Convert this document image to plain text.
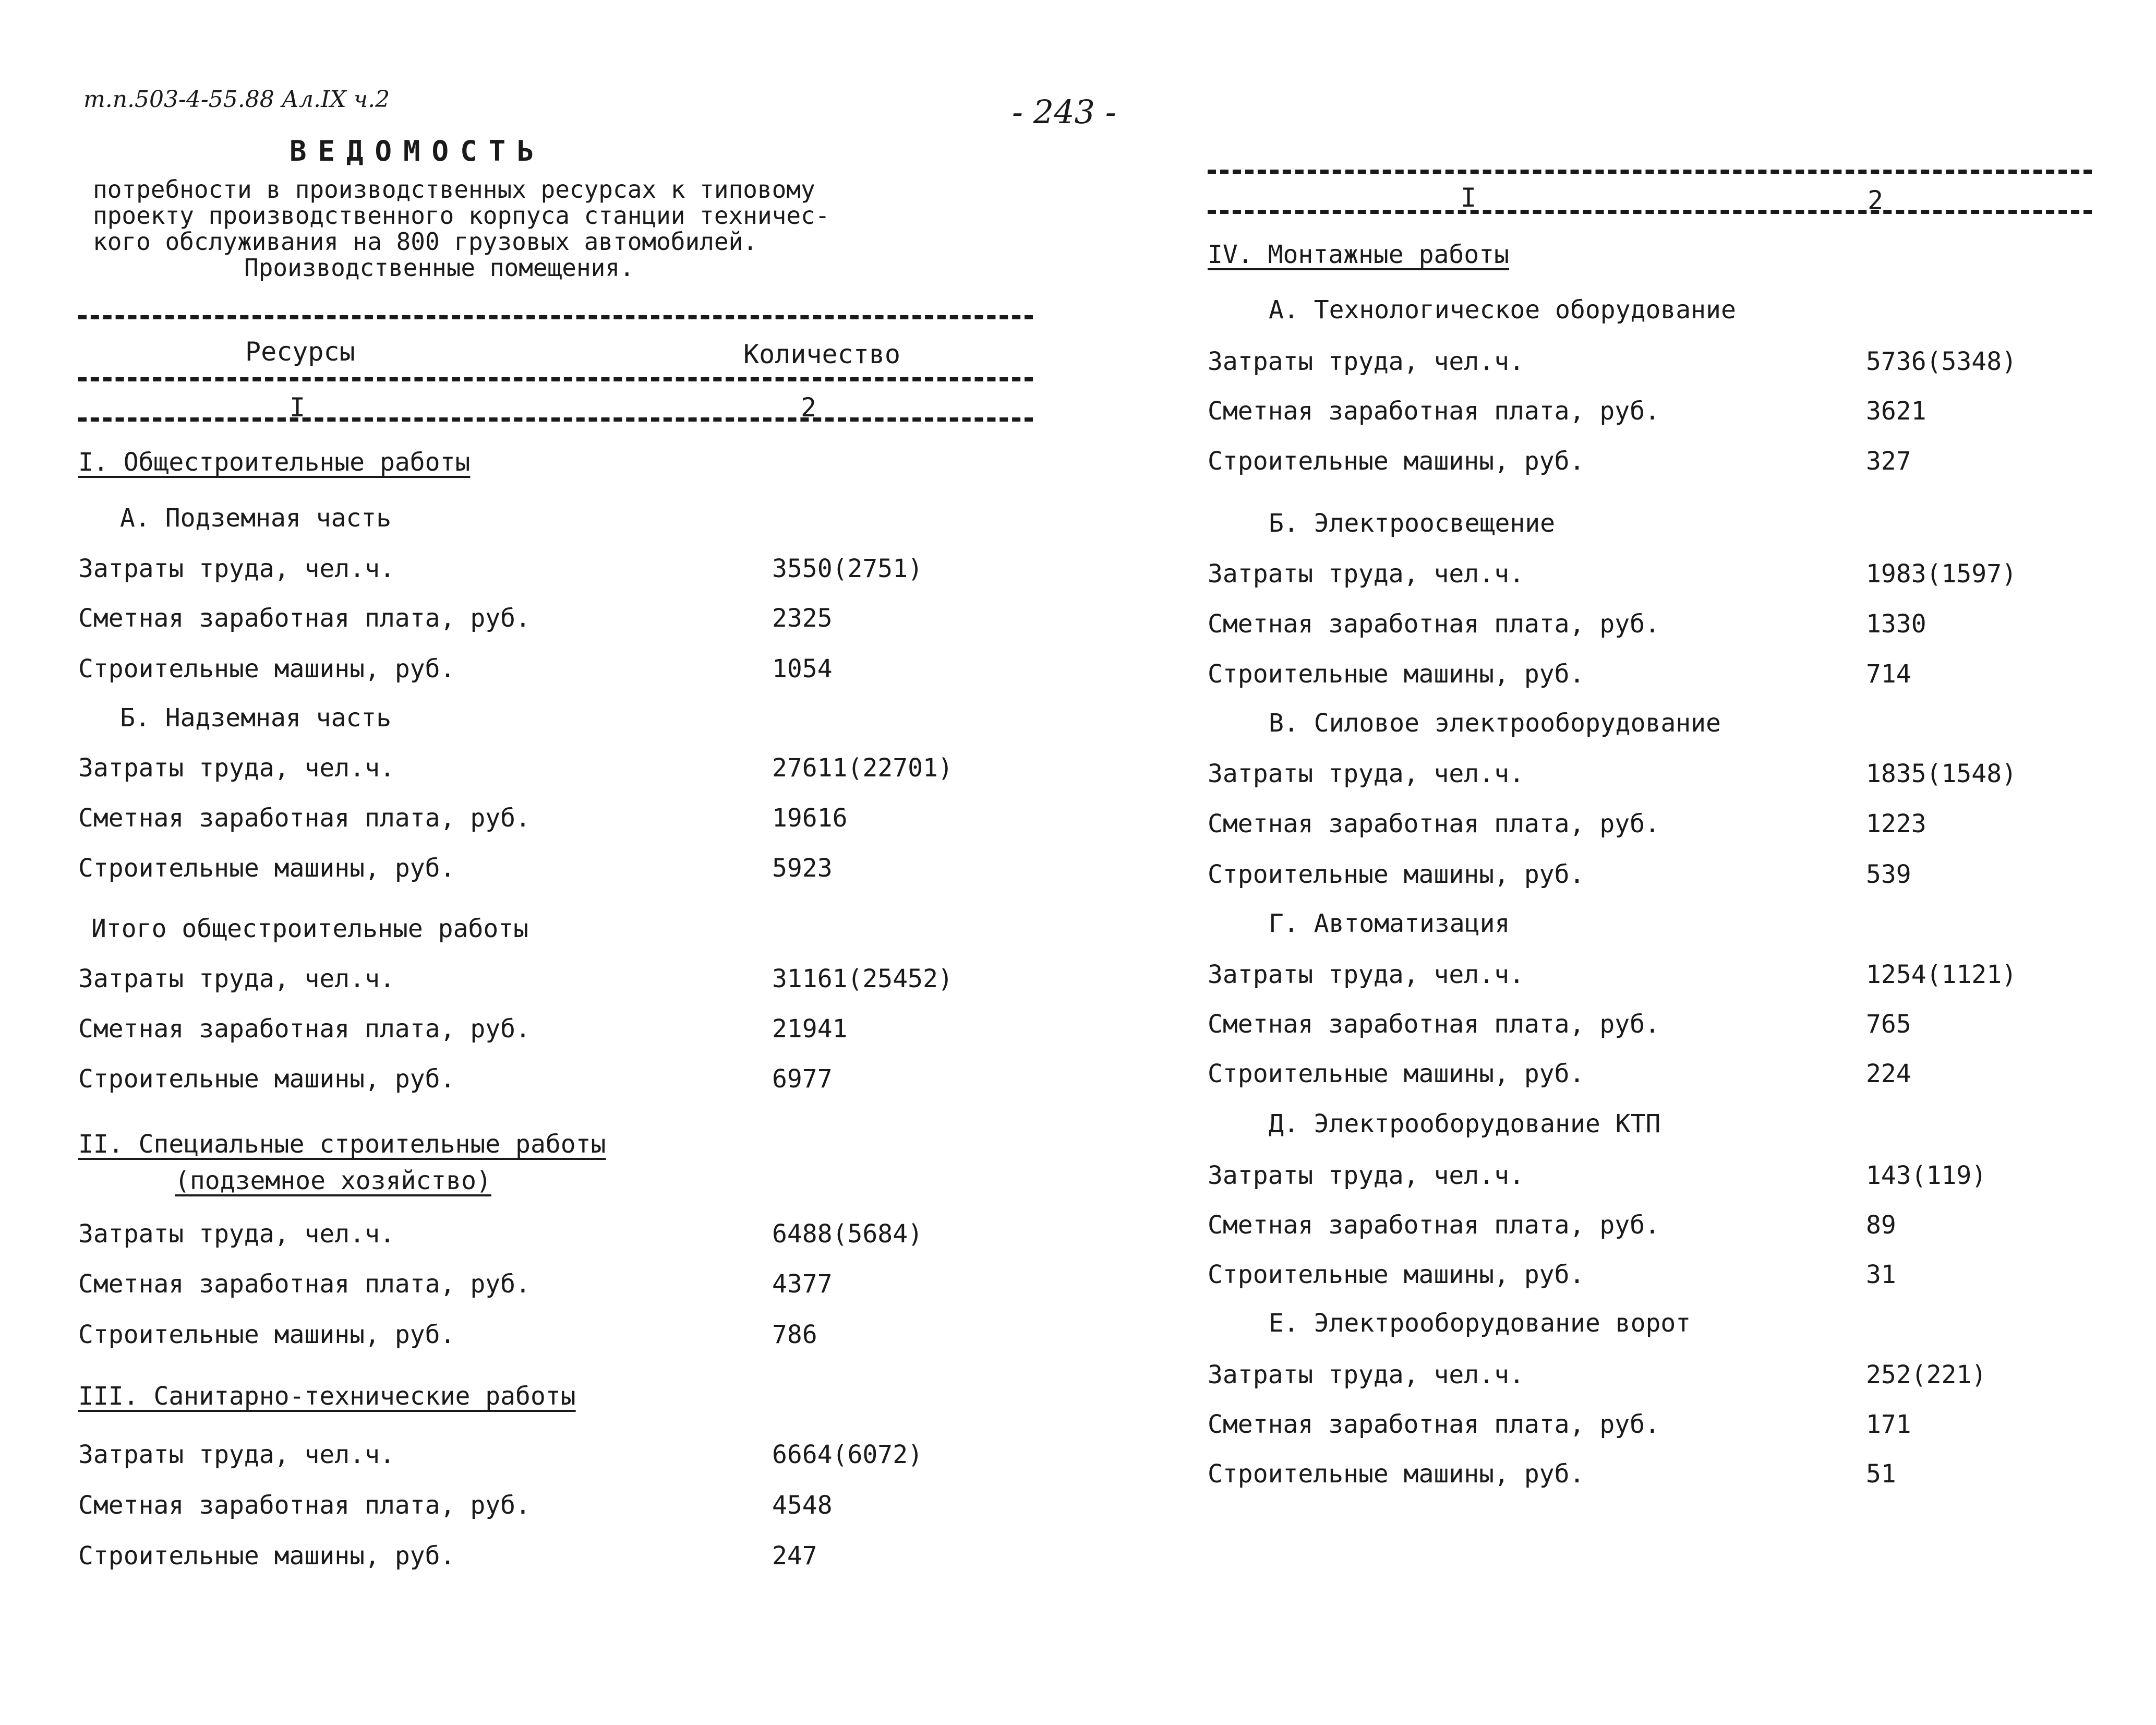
т.п.503-4-55.88 Ал.IX ч.2	- 243 -
ВЕДОМОСТЬ
потребности в производственных ресурсах к типовому
проекту производственного корпуса станции техничес-
кого обслуживания на 800 грузовых автомобилей.
Производственные помещения.
Ресурсы	Количество
I	2
I. Общестроительные работы
А. Подземная часть
Затраты труда, чел.ч.	3550(2751)
Сметная заработная плата, руб.	2325
Строительные машины, руб.	1054
Б. Надземная часть
Затраты труда, чел.ч.	27611(22701)
Сметная заработная плата, руб.	19616
Строительные машины, руб.	5923
Итого общестроительные работы
Затраты труда, чел.ч.	31161(25452)
Сметная заработная плата, руб.	21941
Строительные машины, руб.	6977
II. Специальные строительные работы
(подземное хозяйство)
Затраты труда, чел.ч.	6488(5684)
Сметная заработная плата, руб.	4377
Строительные машины, руб.	786
III. Санитарно-технические работы
Затраты труда, чел.ч.	6664(6072)
Сметная заработная плата, руб.	4548
Строительные машины, руб.	247
I	2
IV. Монтажные работы
А. Технологическое оборудование
Затраты труда, чел.ч.	5736(5348)
Сметная заработная плата, руб.	3621
Строительные машины, руб.	327
Б. Электроосвещение
Затраты труда, чел.ч.	1983(1597)
Сметная заработная плата, руб.	1330
Строительные машины, руб.	714
В. Силовое электрооборудование
Затраты труда, чел.ч.	1835(1548)
Сметная заработная плата, руб.	1223
Строительные машины, руб.	539
Г. Автоматизация
Затраты труда, чел.ч.	1254(1121)
Сметная заработная плата, руб.	765
Строительные машины, руб.	224
Д. Электрооборудование КТП
Затраты труда, чел.ч.	143(119)
Сметная заработная плата, руб.	89
Строительные машины, руб.	31
Е. Электрооборудование ворот
Затраты труда, чел.ч.	252(221)
Сметная заработная плата, руб.	171
Строительные машины, руб.	51
